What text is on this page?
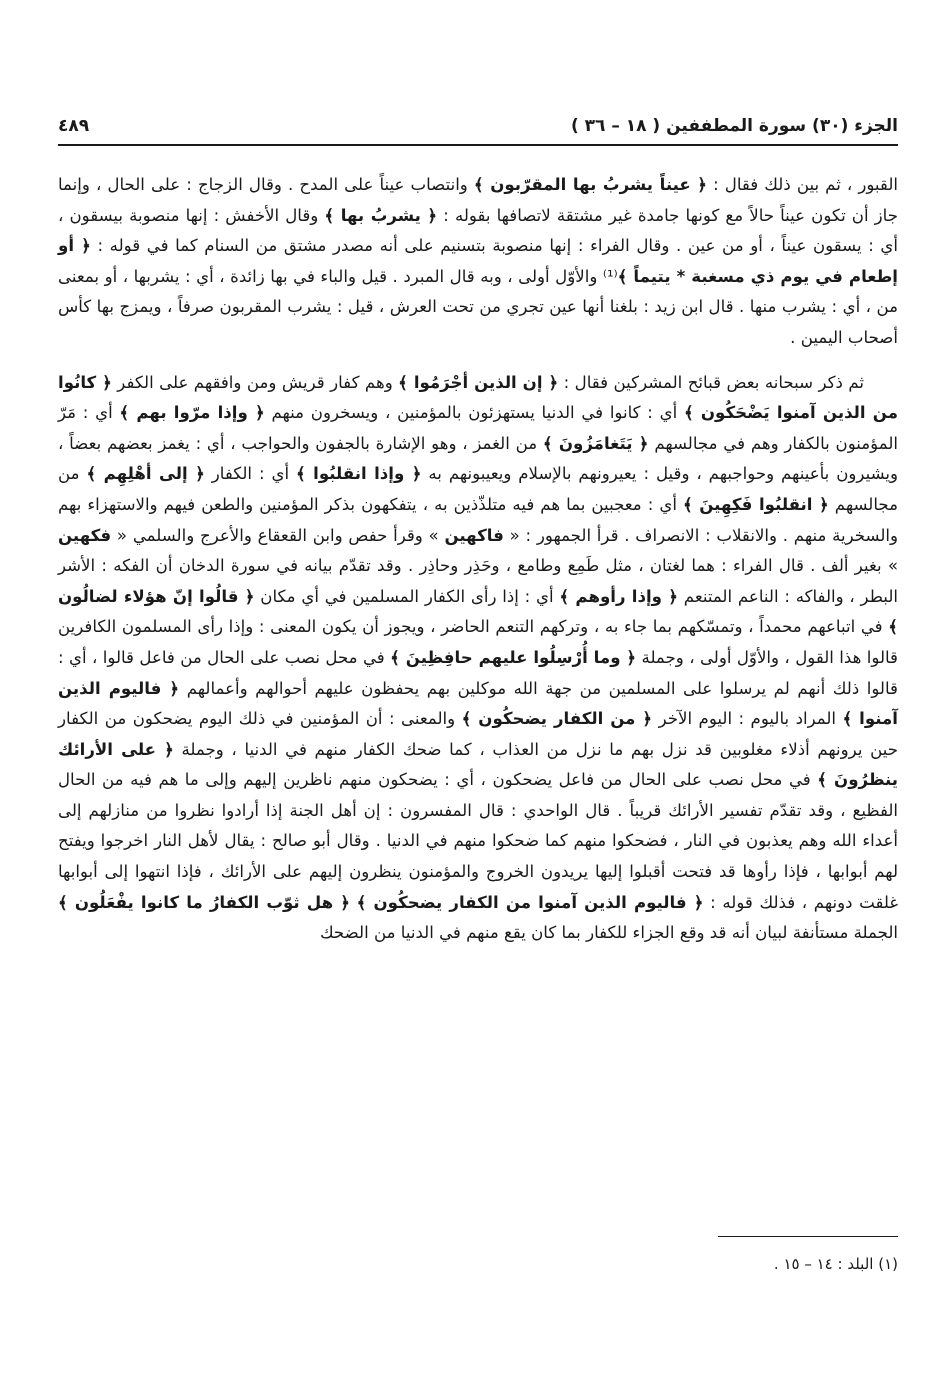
الجزء (٣٠) سورة المطففين ( ١٨ – ٣٦ )
٤٨٩

القبور ، ثم بين ذلك فقال : ﴿ عيناً يشربُ بها المقرّبون ﴾ وانتصاب عيناً على المدح . وقال الزجاج : على الحال ، وإنما جاز أن تكون عيناً حالاً مع كونها جامدة غير مشتقة لاتصافها بقوله : ﴿ يشربُ بها ﴾ وقال الأخفش : إنها منصوبة بيسقون ، أي : يسقون عيناً ، أو من عين . وقال الفراء : إنها منصوبة بتسنيم على أنه مصدر مشتق من السنام كما في قوله : ﴿ أو إطعام في يوم ذي مسغبة * يتيماً ﴾⁽¹⁾ والأوّل أولى ، وبه قال المبرد . قيل والباء في بها زائدة ، أي : يشربها ، أو بمعنى من ، أي : يشرب منها . قال ابن زيد : بلغنا أنها عين تجري من تحت العرش ، قيل : يشرب المقربون صرفاً ، ويمزج بها كأس أصحاب اليمين .

ثم ذكر سبحانه بعض قبائح المشركين فقال : ﴿ إن الذين أجْرَمُوا ﴾ وهم كفار قريش ومن وافقهم على الكفر ﴿ كانُوا من الذين آمنوا يَضْحَكُون ﴾ أي : كانوا في الدنيا يستهزئون بالمؤمنين ، ويسخرون منهم ﴿ وإذا مرّوا بهم ﴾ أي : مَرّ المؤمنون بالكفار وهم في مجالسهم ﴿ يَتَغامَزُونَ ﴾ من الغمز ، وهو الإشارة بالجفون والحواجب ، أي : يغمز بعضهم بعضاً ، ويشيرون بأعينهم وحواجبهم ، وقيل : يعيرونهم بالإسلام ويعيبونهم به ﴿ وإذا انقلبُوا ﴾ أي : الكفار ﴿ إلى أهْلِهِم ﴾ من مجالسهم ﴿ انقلبُوا فَكِهِينَ ﴾ أي : معجبين بما هم فيه متلذّذين به ، يتفكهون بذكر المؤمنين والطعن فيهم والاستهزاء بهم والسخرية منهم . والانقلاب : الانصراف . قرأ الجمهور : « فاكهين » وقرأ حفص وابن القعقاع والأعرج والسلمي « فكهين » بغير ألف . قال الفراء : هما لغتان ، مثل طَمِع وطامع ، وحَذِر وحاذِر . وقد تقدّم بيانه في سورة الدخان أن الفكه : الأشر البطر ، والفاكه : الناعم المتنعم ﴿ وإذا رأوهم ﴾ أي : إذا رأى الكفار المسلمين في أي مكان ﴿ قالُوا إنّ هؤلاء لضالُون ﴾ في اتباعهم محمداً ، وتمسّكهم بما جاء به ، وتركهم التنعم الحاضر ، ويجوز أن يكون المعنى : وإذا رأى المسلمون الكافرين قالوا هذا القول ، والأوّل أولى ، وجملة ﴿ وما أُرْسِلُوا عليهم حافِظِينَ ﴾ في محل نصب على الحال من فاعل قالوا ، أي : قالوا ذلك أنهم لم يرسلوا على المسلمين من جهة الله موكلين بهم يحفظون عليهم أحوالهم وأعمالهم ﴿ فاليوم الذين آمنوا ﴾ المراد باليوم : اليوم الآخر ﴿ من الكفار يضحكُون ﴾ والمعنى : أن المؤمنين في ذلك اليوم يضحكون من الكفار حين يرونهم أذلاء مغلوبين قد نزل بهم ما نزل من العذاب ، كما ضحك الكفار منهم في الدنيا ، وجملة ﴿ على الأرائك ينظرُونَ ﴾ في محل نصب على الحال من فاعل يضحكون ، أي : يضحكون منهم ناظرين إليهم وإلى ما هم فيه من الحال الفظيع ، وقد تقدّم تفسير الأرائك قريباً . قال الواحدي : قال المفسرون : إن أهل الجنة إذا أرادوا نظروا من منازلهم إلى أعداء الله وهم يعذبون في النار ، فضحكوا منهم كما ضحكوا منهم في الدنيا . وقال أبو صالح : يقال لأهل النار اخرجوا ويفتح لهم أبوابها ، فإذا رأوها قد فتحت أقبلوا إليها يريدون الخروج والمؤمنون ينظرون إليهم على الأرائك ، فإذا انتهوا إلى أبوابها غلقت دونهم ، فذلك قوله : ﴿ فاليوم الذين آمنوا من الكفار يضحكُون ﴾ ﴿ هل ثوّب الكفارُ ما كانوا يفْعَلُون ﴾ الجملة مستأنفة لبيان أنه قد وقع الجزاء للكفار بما كان يقع منهم في الدنيا من الضحك

(١) البلد : ١٤ – ١٥ .
